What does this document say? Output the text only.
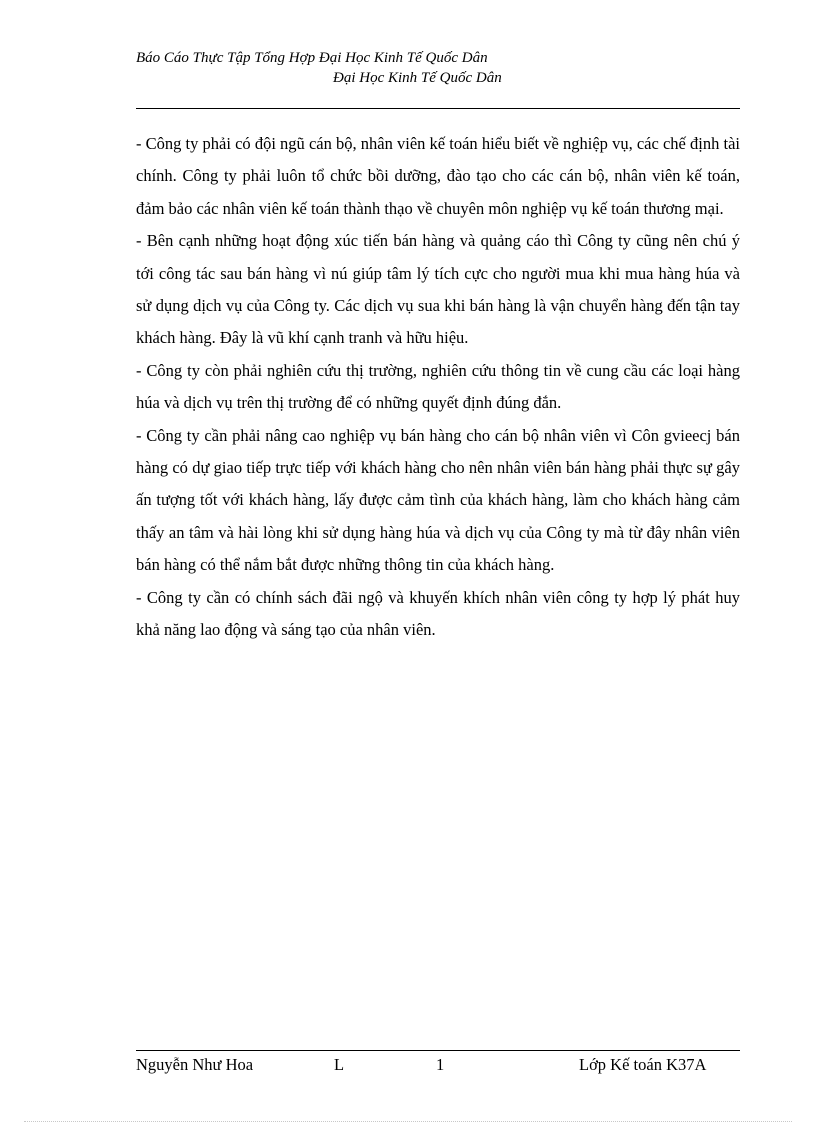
Báo Cáo Thực Tập Tổng Hợp Đại Học Kinh Tế Quốc Dân
Đại Học Kinh Tế Quốc Dân

- Công ty phải có đội ngũ cán bộ, nhân viên kế toán hiểu biết về nghiệp vụ, các chế định tài chính. Công ty phải luôn tổ chức bồi dưỡng, đào tạo cho các cán bộ, nhân viên kế toán, đảm bảo các nhân viên kế toán thành thạo về chuyên môn nghiệp vụ kế toán thương mại.

- Bên cạnh những hoạt động xúc tiến bán hàng và quảng cáo thì Công ty cũng nên chú ý tới công tác sau bán hàng vì nú giúp tâm lý tích cực cho người mua khi mua hàng húa và sử dụng dịch vụ của Công ty. Các dịch vụ sua khi bán hàng là vận chuyển hàng đến tận tay khách hàng. Đây là vũ khí cạnh tranh và hữu hiệu.

- Công ty còn phải nghiên cứu thị trường, nghiên cứu thông tin về cung cầu các loại hàng húa và dịch vụ trên thị trường để có những quyết định đúng đắn.

- Công ty cần phải nâng cao nghiệp vụ bán hàng cho cán bộ nhân viên vì Côn gvieecj bán hàng có dự giao tiếp trực tiếp với khách hàng cho nên nhân viên bán hàng phải thực sự gây ấn tượng tốt với khách hàng, lấy được cảm tình của khách hàng, làm cho khách hàng cảm thấy an tâm và hài lòng khi sử dụng hàng húa và dịch vụ của Công ty mà từ đây nhân viên bán hàng có thể nắm bắt được những thông tin của khách hàng.

- Công ty cần có chính sách đãi ngộ và khuyến khích nhân viên công ty hợp lý phát huy khả năng lao động và sáng tạo của nhân viên.

Nguyễn Như Hoa	L	1	Lớp Kế toán K37A
